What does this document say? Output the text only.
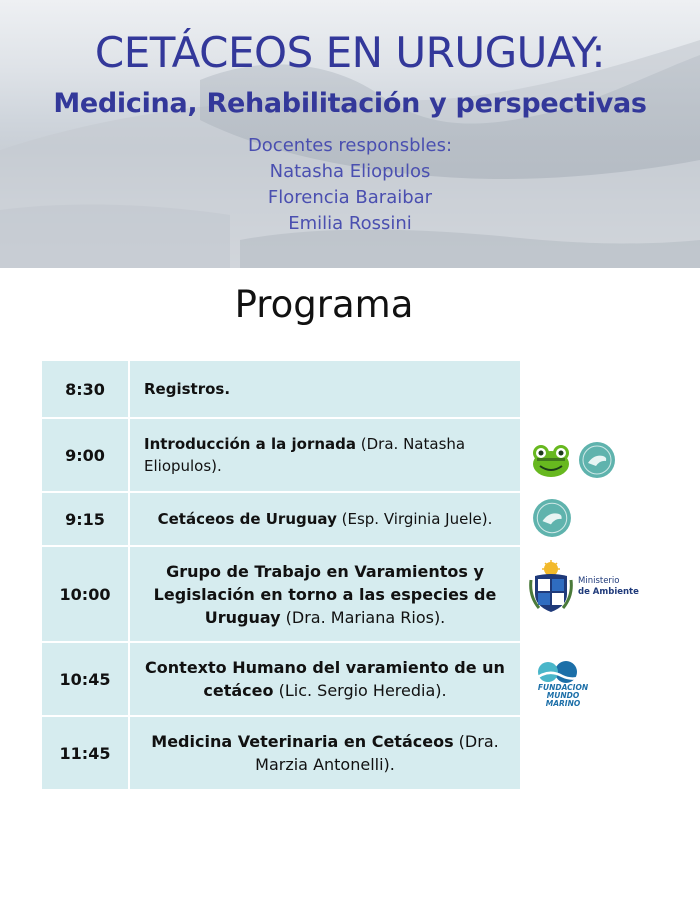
CETÁCEOS EN URUGUAY:
Medicina, Rehabilitación y perspectivas
Docentes responsbles:
Natasha Eliopulos
Florencia Baraibar
Emilia Rossini
Programa
8:30	Registros.
9:00	Introducción a la jornada (Dra. Natasha Eliopulos).
9:15	Cetáceos de Uruguay (Esp. Virginia Juele).
10:00	Grupo de Trabajo en Varamientos y Legislación en torno a las especies de Uruguay (Dra. Mariana Rios).
10:45	Contexto Humano del varamiento de un cetáceo (Lic. Sergio Heredia).
11:45	Medicina Veterinaria en Cetáceos (Dra. Marzia Antonelli).
Ministerio
de Ambiente
FUNDACION
MUNDO MARINO
